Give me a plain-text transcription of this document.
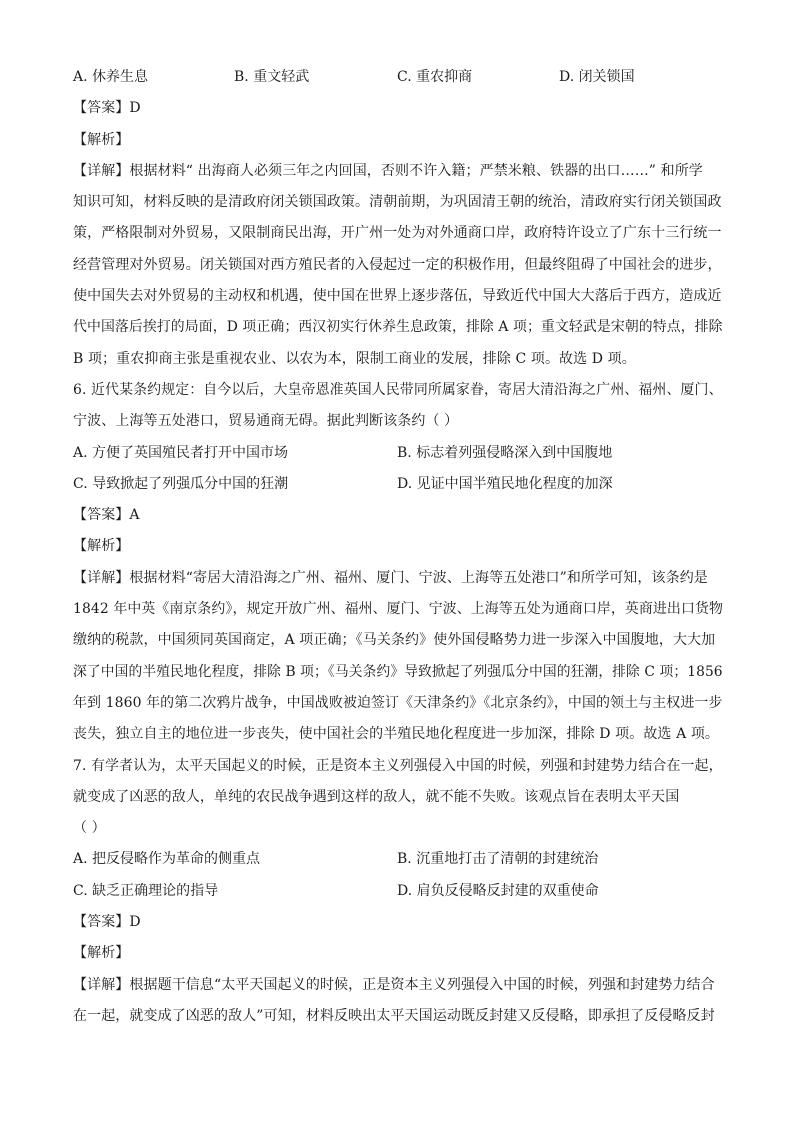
A. 休养生息	B. 重文轻武	C. 重农抑商	D. 闭关锁国
【答案】D
【解析】
【详解】根据材料“ 出海商人必须三年之内回国，否则不许入籍；严禁米粮、铁器的出口……” 和所学
知识可知，材料反映的是清政府闭关锁国政策。清朝前期，为巩固清王朝的统治，清政府实行闭关锁国政
策，严格限制对外贸易，又限制商民出海，开广州一处为对外通商口岸，政府特许设立了广东十三行统一
经营管理对外贸易。闭关锁国对西方殖民者的入侵起过一定的积极作用，但最终阻碍了中国社会的进步，
使中国失去对外贸易的主动权和机遇，使中国在世界上逐步落伍，导致近代中国大大落后于西方，造成近
代中国落后挨打的局面，D 项正确；西汉初实行休养生息政策，排除 A 项；重文轻武是宋朝的特点，排除
B 项；重农抑商主张是重视农业、以农为本，限制工商业的发展，排除 C 项。故选 D 项。
6. 近代某条约规定：自今以后，大皇帝恩准英国人民带同所属家眷，寄居大清沿海之广州、福州、厦门、
宁波、上海等五处港口，贸易通商无碍。据此判断该条约（ ）
A. 方便了英国殖民者打开中国市场	B. 标志着列强侵略深入到中国腹地
C. 导致掀起了列强瓜分中国的狂潮	D. 见证中国半殖民地化程度的加深
【答案】A
【解析】
【详解】根据材料“寄居大清沿海之广州、福州、厦门、宁波、上海等五处港口”和所学可知，该条约是
1842 年中英《南京条约》，规定开放广州、福州、厦门、宁波、上海等五处为通商口岸，英商进出口货物
缴纳的税款，中国须同英国商定，A 项正确；《马关条约》使外国侵略势力进一步深入中国腹地，大大加
深了中国的半殖民地化程度，排除 B 项；《马关条约》导致掀起了列强瓜分中国的狂潮，排除 C 项；1856
年到 1860 年的第二次鸦片战争，中国战败被迫签订《天津条约》《北京条约》，中国的领土与主权进一步
丧失，独立自主的地位进一步丧失，使中国社会的半殖民地化程度进一步加深，排除 D 项。故选 A 项。
7. 有学者认为，太平天国起义的时候，正是资本主义列强侵入中国的时候，列强和封建势力结合在一起，
就变成了凶恶的敌人，单纯的农民战争遇到这样的敌人，就不能不失败。该观点旨在表明太平天国
（ ）
A. 把反侵略作为革命的侧重点	B. 沉重地打击了清朝的封建统治
C. 缺乏正确理论的指导	D. 肩负反侵略反封建的双重使命
【答案】D
【解析】
【详解】根据题干信息“太平天国起义的时候，正是资本主义列强侵入中国的时候，列强和封建势力结合
在一起，就变成了凶恶的敌人”可知，材料反映出太平天国运动既反封建又反侵略，即承担了反侵略反封
